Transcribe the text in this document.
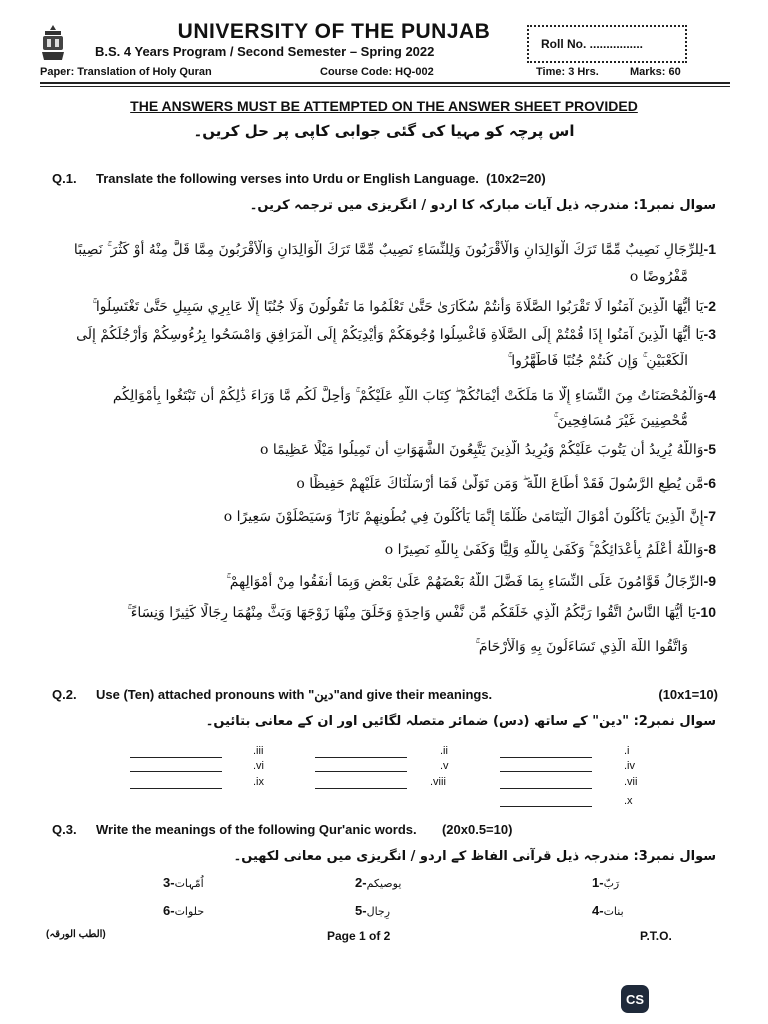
UNIVERSITY OF THE PUNJAB
B.S. 4 Years Program / Second Semester – Spring 2022	Roll No. ................
Paper: Translation of Holy Quran	Course Code: HQ-002	Time: 3 Hrs.	Marks: 60
THE ANSWERS MUST BE ATTEMPTED ON THE ANSWER SHEET PROVIDED
اس پرچہ کو مہیا کی گئی جوابی کاپی پر حل کریں۔
Q.1. Translate the following verses into Urdu or English Language. (10x2=20)
سوال نمبر1: مندرجہ ذیل آیات مبارکہ کا اردو / انگریزی میں ترجمہ کریں۔
1-لِلرِّجَالِ نَصِيبٌ مِّمَّا تَرَكَ الْوَالِدَانِ وَالْأَقْرَبُونَ وَلِلنِّسَاءِ نَصِيبٌ مِّمَّا تَرَكَ الْوَالِدَانِ وَالْأَقْرَبُونَ مِمَّا قَلَّ مِنْهُ أَوْ كَثُرَ ۚ نَصِيبًا
مَّفْرُوضًا o
2-يَا أَيُّهَا الَّذِينَ آمَنُوا لَا تَقْرَبُوا الصَّلَاةَ وَأَنتُمْ سُكَارَىٰ حَتَّىٰ تَعْلَمُوا مَا تَقُولُونَ وَلَا جُنُبًا إِلَّا عَابِرِي سَبِيلٍ حَتَّىٰ تَغْتَسِلُوا ۚ
3-يَا أَيُّهَا الَّذِينَ آمَنُوا إِذَا قُمْتُمْ إِلَى الصَّلَاةِ فَاغْسِلُوا وُجُوهَكُمْ وَأَيْدِيَكُمْ إِلَى الْمَرَافِقِ وَامْسَحُوا بِرُءُوسِكُمْ وَأَرْجُلَكُمْ إِلَى
الْكَعْبَيْنِ ۚ وَإِن كُنتُمْ جُنُبًا فَاطَّهَّرُوا ۚ
4-وَالْمُحْصَنَاتُ مِنَ النِّسَاءِ إِلَّا مَا مَلَكَتْ أَيْمَانُكُمْ ۖ كِتَابَ اللَّهِ عَلَيْكُمْ ۚ وَأُحِلَّ لَكُم مَّا وَرَاءَ ذَٰلِكُمْ أَن تَبْتَغُوا بِأَمْوَالِكُم
مُّحْصِنِينَ غَيْرَ مُسَافِحِينَ ۚ
5-وَاللَّهُ يُرِيدُ أَن يَتُوبَ عَلَيْكُمْ وَيُرِيدُ الَّذِينَ يَتَّبِعُونَ الشَّهَوَاتِ أَن تَمِيلُوا مَيْلًا عَظِيمًا o
6-مَّن يُطِعِ الرَّسُولَ فَقَدْ أَطَاعَ اللَّهَ ۖ وَمَن تَوَلَّىٰ فَمَا أَرْسَلْنَاكَ عَلَيْهِمْ حَفِيظًا o
7-إِنَّ الَّذِينَ يَأْكُلُونَ أَمْوَالَ الْيَتَامَىٰ ظُلْمًا إِنَّمَا يَأْكُلُونَ فِي بُطُونِهِمْ نَارًا ۖ وَسَيَصْلَوْنَ سَعِيرًا o
8-وَاللَّهُ أَعْلَمُ بِأَعْدَائِكُمْ ۚ وَكَفَىٰ بِاللَّهِ وَلِيًّا وَكَفَىٰ بِاللَّهِ نَصِيرًا o
9-الرِّجَالُ قَوَّامُونَ عَلَى النِّسَاءِ بِمَا فَضَّلَ اللَّهُ بَعْضَهُمْ عَلَىٰ بَعْضٍ وَبِمَا أَنفَقُوا مِنْ أَمْوَالِهِمْ ۚ
10-يَا أَيُّهَا النَّاسُ اتَّقُوا رَبَّكُمُ الَّذِي خَلَقَكُم مِّن نَّفْسٍ وَاحِدَةٍ وَخَلَقَ مِنْهَا زَوْجَهَا وَبَثَّ مِنْهُمَا رِجَالًا كَثِيرًا وَنِسَاءً ۚ
وَاتَّقُوا اللَّهَ الَّذِي تَسَاءَلُونَ بِهِ وَالْأَرْحَامَ ۚ
Q.2. Use (Ten) attached pronouns with "دین"and give their meanings.	(10x1=10)
سوال نمبر2: "دین" کے ساتھ (دس) ضمائر متصلہ لگائیں اور ان کے معانی بتائیں۔
.i
.ii
.iii
.iv
.v
.vi
.vii
.viii
.ix
.x
Q.3. Write the meanings of the following Qur'anic words. (20x0.5=10)
سوال نمبر3: مندرجہ ذیل قرآنی الفاظ کے اردو / انگریزی میں معانی لکھیں۔
رَبّ-1
یوصیکم-2
اُمّہات-3
بنات-4
رِجال-5
حلوات-6
(الطب الورقہ)	Page 1 of 2	P.T.O.
CS
